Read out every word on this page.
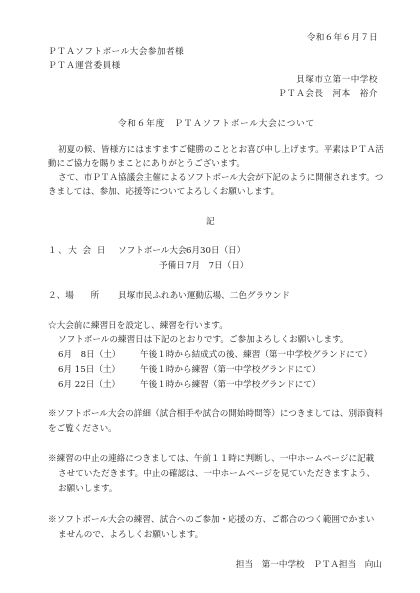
令和６年６月７日
ＰＴＡソフトボール大会参加者様
ＰＴＡ運営委員様
貝塚市立第一中学校
ＰＴＡ会長　河本　裕介
令和６年度　ＰＴＡソフトボール大会について
初夏の候、皆様方にはますますご健勝のこととお喜び申し上げます。平素はＰＴＡ活
動にご協力を賜りまことにありがとうございます。
さて、市ＰＴＡ協議会主催によるソフトボール大会が下記のように開催されます。つ
きましては、参加、応援等についてよろしくお願いします。
記
１、大 会 日 ソフトボール大会 6月30日（日）
予備日 7月　7日（日）
２、場 所 貝塚市民ふれあい運動広場、二色グラウンド
☆大会前に練習日を設定し、練習を行います。
ソフトボールの練習日は下記のとおりです。ご参加よろしくお願いします。
6月　8日（土） 午後１時から結成式の後、練習（第一中学校グランドにて）
6月 15日（土） 午後１時から練習（第一中学校グランドにて）
6月 22日（土） 午後１時から練習（第一中学校グランドにて）
※ソフトボール大会の詳細（試合相手や試合の開始時間等）につきましては、別添資料
をご覧ください。
※練習の中止の連絡につきましては、午前１１時に判断し、一中ホームページに記載
させていただきます。中止の確認は、一中ホームページを見ていただきますよう、
お願いします。
※ソフトボール大会の練習、試合へのご参加・応援の方、ご都合のつく範囲でかまい
ませんので、よろしくお願いします。
担当　第一中学校　ＰＴＡ担当　向山
